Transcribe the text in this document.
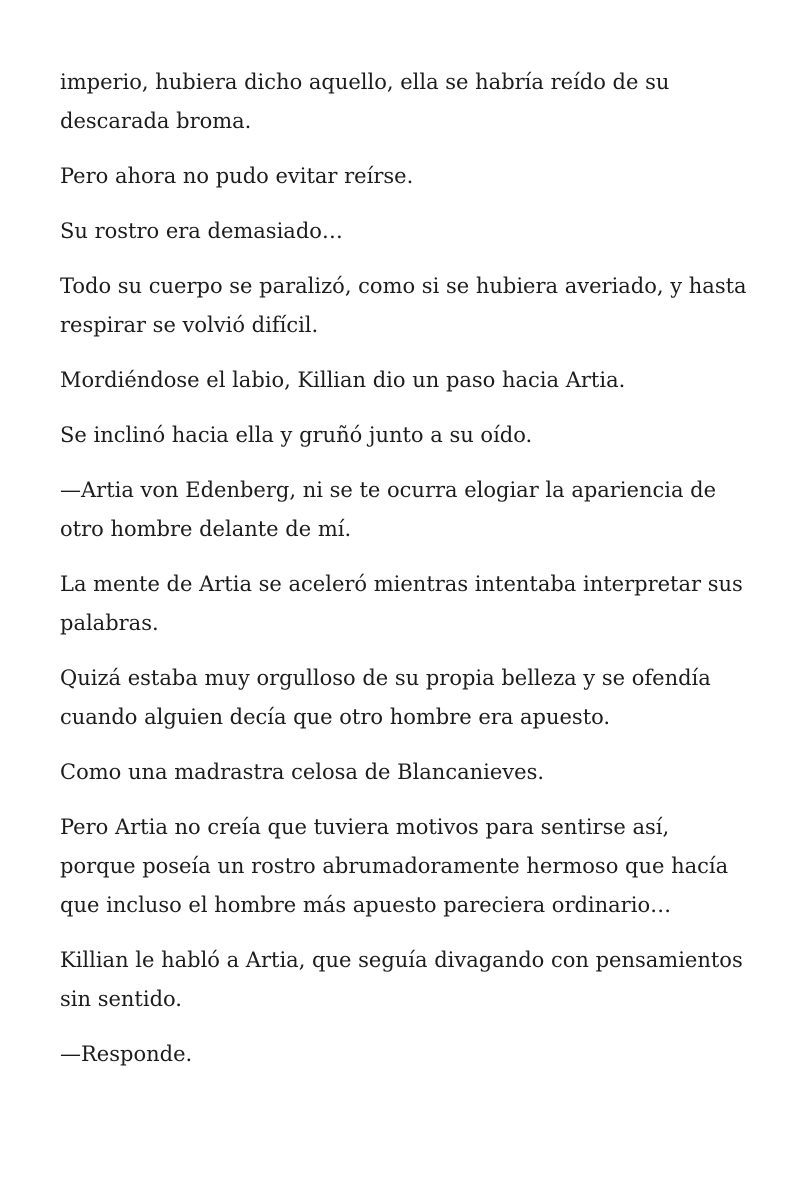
imperio, hubiera dicho aquello, ella se habría reído de su descarada broma.

Pero ahora no pudo evitar reírse.

Su rostro era demasiado…

Todo su cuerpo se paralizó, como si se hubiera averiado, y hasta respirar se volvió difícil.

Mordiéndose el labio, Killian dio un paso hacia Artia.

Se inclinó hacia ella y gruñó junto a su oído.

—Artia von Edenberg, ni se te ocurra elogiar la apariencia de otro hombre delante de mí.

La mente de Artia se aceleró mientras intentaba interpretar sus palabras.

Quizá estaba muy orgulloso de su propia belleza y se ofendía cuando alguien decía que otro hombre era apuesto.

Como una madrastra celosa de Blancanieves.

Pero Artia no creía que tuviera motivos para sentirse así, porque poseía un rostro abrumadoramente hermoso que hacía que incluso el hombre más apuesto pareciera ordinario…

Killian le habló a Artia, que seguía divagando con pensamientos sin sentido.

—Responde.
